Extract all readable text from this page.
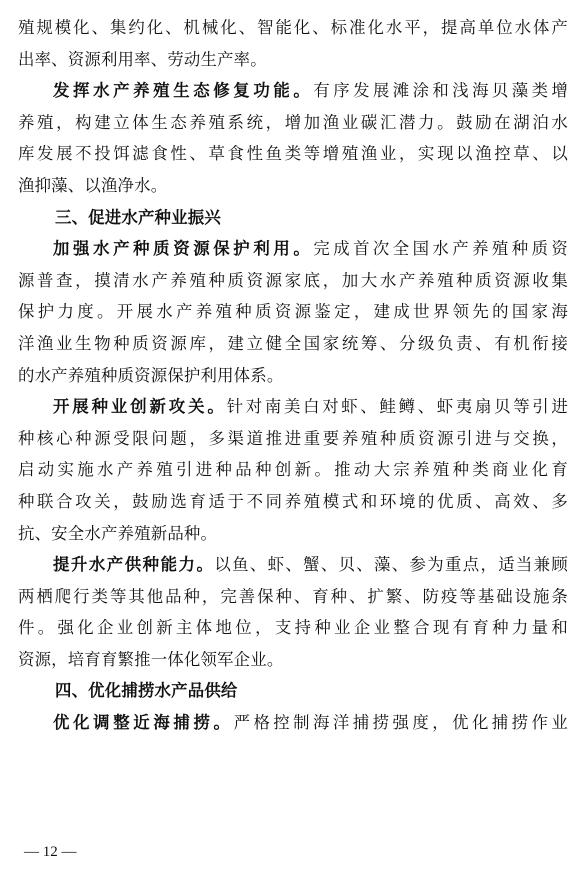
殖规模化、集约化、机械化、智能化、标准化水平，提高单位水体产
出率、资源利用率、劳动生产率。
发挥水产养殖生态修复功能。有序发展滩涂和浅海贝藻类增
养殖，构建立体生态养殖系统，增加渔业碳汇潜力。鼓励在湖泊水
库发展不投饵滤食性、草食性鱼类等增殖渔业，实现以渔控草、以
渔抑藻、以渔净水。
三、促进水产种业振兴
加强水产种质资源保护利用。完成首次全国水产养殖种质资
源普查，摸清水产养殖种质资源家底，加大水产养殖种质资源收集
保护力度。开展水产养殖种质资源鉴定，建成世界领先的国家海
洋渔业生物种质资源库，建立健全国家统筹、分级负责、有机衔接
的水产养殖种质资源保护利用体系。
开展种业创新攻关。针对南美白对虾、鲑鳟、虾夷扇贝等引进
种核心种源受限问题，多渠道推进重要养殖种质资源引进与交换，
启动实施水产养殖引进种品种创新。推动大宗养殖种类商业化育
种联合攻关，鼓励选育适于不同养殖模式和环境的优质、高效、多
抗、安全水产养殖新品种。
提升水产供种能力。以鱼、虾、蟹、贝、藻、参为重点，适当兼顾
两栖爬行类等其他品种，完善保种、育种、扩繁、防疫等基础设施条
件。强化企业创新主体地位，支持种业企业整合现有育种力量和
资源，培育育繁推一体化领军企业。
四、优化捕捞水产品供给
优化调整近海捕捞。严格控制海洋捕捞强度，优化捕捞作业
— 12 —
